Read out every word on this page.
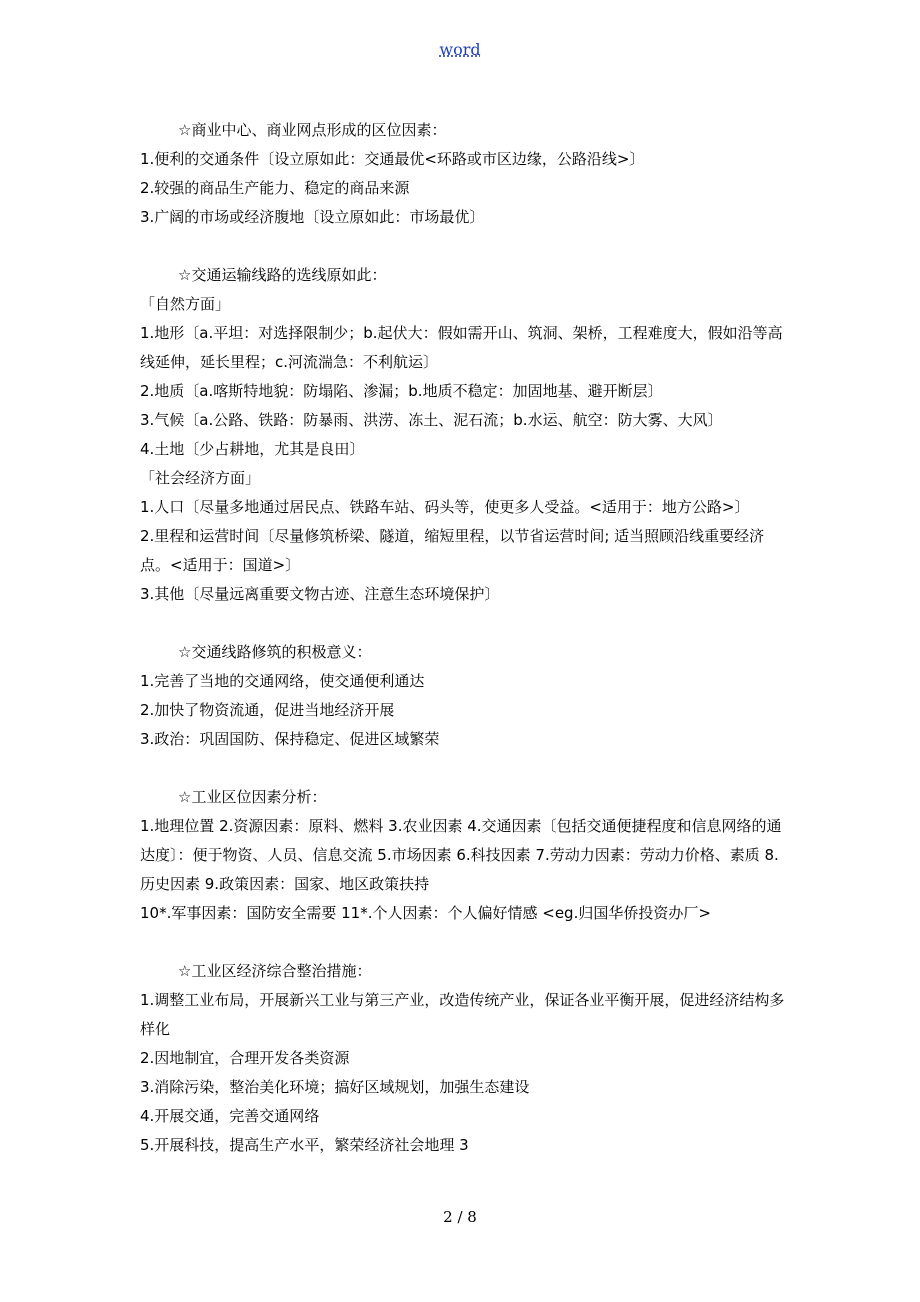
word
☆商业中心、商业网点形成的区位因素：
1.便利的交通条件〔设立原如此：交通最优<环路或市区边缘，公路沿线>〕
2.较强的商品生产能力、稳定的商品来源
3.广阔的市场或经济腹地〔设立原如此：市场最优〕
☆交通运输线路的选线原如此：
「自然方面」
1.地形〔a.平坦：对选择限制少；b.起伏大：假如需开山、筑洞、架桥，工程难度大，假如沿等高线延伸，延长里程；c.河流湍急：不利航运〕
2.地质〔a.喀斯特地貌：防塌陷、渗漏；b.地质不稳定：加固地基、避开断层〕
3.气候〔a.公路、铁路：防暴雨、洪涝、冻土、泥石流；b.水运、航空：防大雾、大风〕
4.土地〔少占耕地，尤其是良田〕
「社会经济方面」
1.人口〔尽量多地通过居民点、铁路车站、码头等，使更多人受益。<适用于：地方公路>〕
2.里程和运营时间〔尽量修筑桥梁、隧道，缩短里程，以节省运营时间; 适当照顾沿线重要经济点。<适用于：国道>〕
3.其他〔尽量远离重要文物古迹、注意生态环境保护〕
☆交通线路修筑的积极意义：
1.完善了当地的交通网络，使交通便利通达
2.加快了物资流通，促进当地经济开展
3.政治：巩固国防、保持稳定、促进区域繁荣
☆工业区位因素分析：
1.地理位置 2.资源因素：原料、燃料 3.农业因素 4.交通因素〔包括交通便捷程度和信息网络的通达度〕：便于物资、人员、信息交流 5.市场因素 6.科技因素 7.劳动力因素：劳动力价格、素质 8.历史因素 9.政策因素：国家、地区政策扶持
10*.军事因素：国防安全需要 11*.个人因素：个人偏好情感 <eg.归国华侨投资办厂>
☆工业区经济综合整治措施：
1.调整工业布局，开展新兴工业与第三产业，改造传统产业，保证各业平衡开展，促进经济结构多样化
2.因地制宜，合理开发各类资源
3.消除污染，整治美化环境；搞好区域规划，加强生态建设
4.开展交通，完善交通网络
5.开展科技，提高生产水平，繁荣经济社会地理 3
2 / 8
